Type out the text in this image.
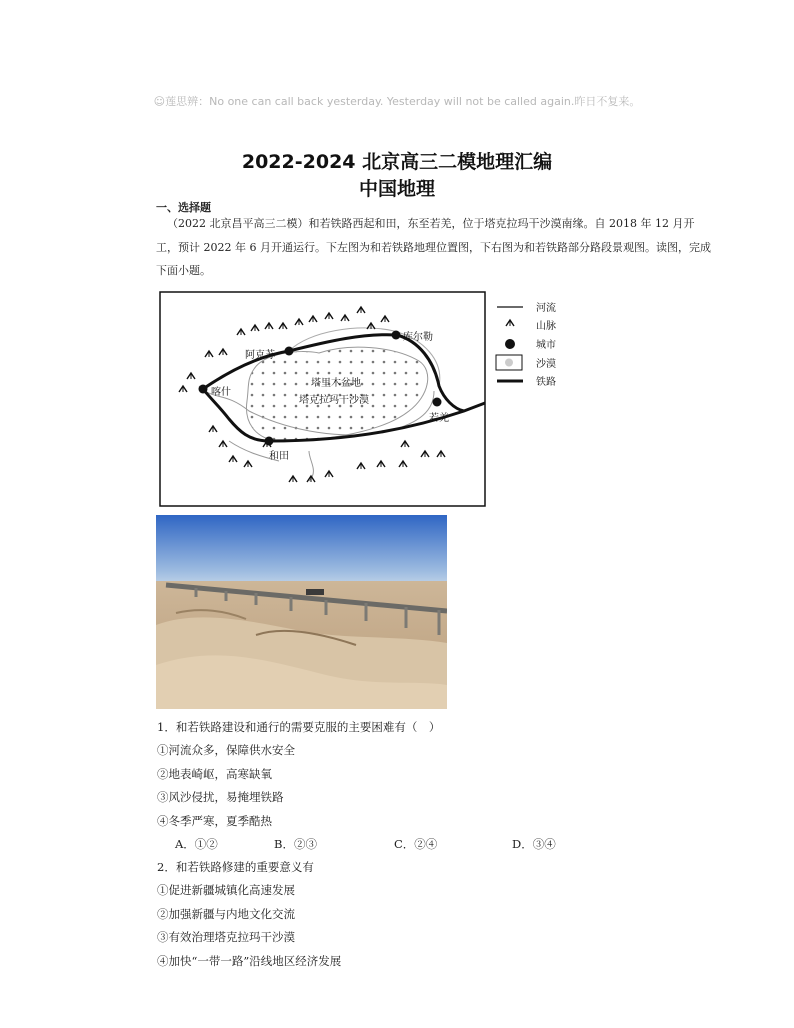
☺莲思辨：No one can call back yesterday. Yesterday will not be called again.昨日不复来。
2022-2024 北京高三二模地理汇编
中国地理
一、选择题
（2022 北京昌平高三二模）和若铁路西起和田，东至若羌，位于塔克拉玛干沙漠南缘。自 2018 年 12 月开工，预计 2022 年 6 月开通运行。下左图为和若铁路地理位置图，下右图为和若铁路部分路段景观图。读图，完成下面小题。
库尔勒
阿克苏
喀什
和田
若羌
塔里木盆地
塔克拉玛干沙漠
河流
山脉
城市
沙漠
铁路
1．和若铁路建设和通行的需要克服的主要困难有（　）
①河流众多，保障供水安全
②地表崎岖，高寒缺氧
③风沙侵扰，易掩埋铁路
④冬季严寒，夏季酷热
A．①②	B．②③	C．②④	D．③④
2．和若铁路修建的重要意义有
①促进新疆城镇化高速发展
②加强新疆与内地文化交流
③有效治理塔克拉玛干沙漠
④加快“一带一路”沿线地区经济发展
